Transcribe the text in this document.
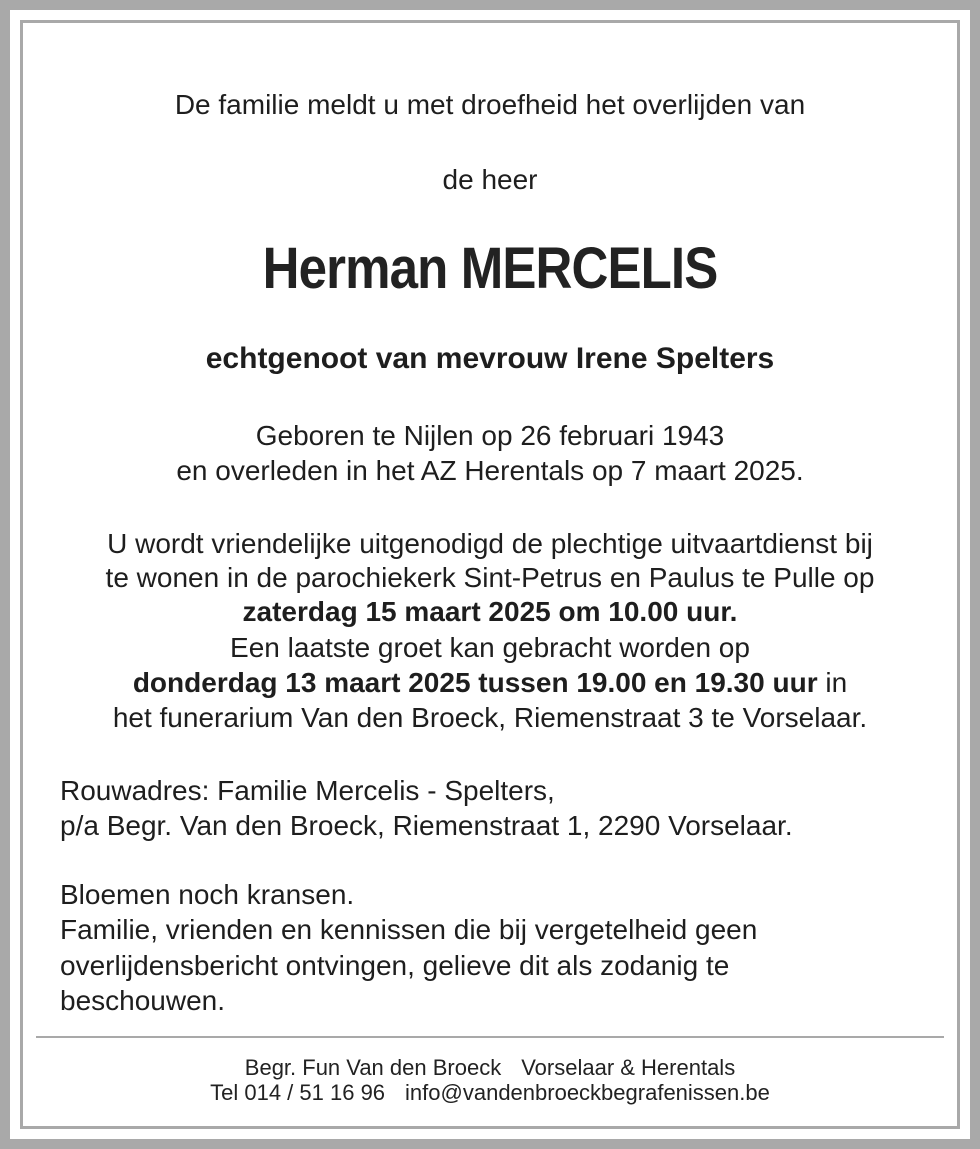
De familie meldt u met droefheid het overlijden van
de heer
Herman MERCELIS
echtgenoot van mevrouw Irene Spelters
Geboren te Nijlen op 26 februari 1943
en overleden in het AZ Herentals op 7 maart 2025.
U wordt vriendelijke uitgenodigd de plechtige uitvaartdienst bij
te wonen in de parochiekerk Sint-Petrus en Paulus te Pulle op
zaterdag 15 maart 2025 om 10.00 uur.
Een laatste groet kan gebracht worden op
donderdag 13 maart 2025 tussen 19.00 en 19.30 uur in
het funerarium Van den Broeck, Riemenstraat 3 te Vorselaar.
Rouwadres: Familie Mercelis - Spelters,
p/a Begr. Van den Broeck, Riemenstraat 1, 2290 Vorselaar.
Bloemen noch kransen.
Familie, vrienden en kennissen die bij vergetelheid geen
overlijdensbericht ontvingen, gelieve dit als zodanig te
beschouwen.
Begr. Fun Van den Broeck Vorselaar & Herentals
Tel 014 / 51 16 96 info@vandenbroeckbegrafenissen.be
